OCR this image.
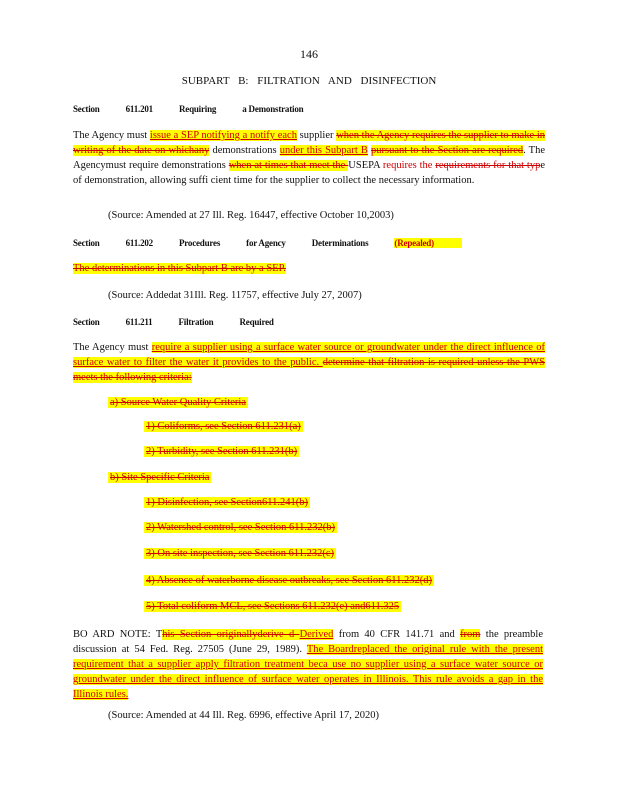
146
SUBPART B: FILTRATION AND DISINFECTION
Section	611.201	Requiring	a Demonstration
The Agency must issue a SEP notifying a notify each supplier when the Agency requires the supplier to make in writing of the date on whichany demonstrations under this Subpart B pursuant to the Section are required. The Agencymust require demonstrations when at times that meet the USEPA requires the requirements for that type of demonstration, allowing suffi cient time for the supplier to collect the necessary information.
(Source: Amended at 27 Ill. Reg. 16447, effective October 10,2003)
Section	611.202	Procedures	for Agency	Determinations	(Repealed)
The determinations in this Subpart B are by a SEP.
(Source: Addedat 31Ill. Reg. 11757, effective July 27, 2007)
Section	611.211	Filtration	Required
The Agency must require a supplier using a surface water source or groundwater under the direct influence of surface water to filter the water it provides to the public. determine that filtration is required unless the PWS meets the following criteria:
a) Source Water Quality Criteria
1) Coliforms, see Section 611.231(a)
2) Turbidity, see Section 611.231(b)
b) Site Specific Criteria
1) Disinfection, see Section611.241(b)
2) Watershed control, see Section 611.232(b)
3) On site inspection, see Section 611.232(c)
4) Absence of waterborne disease outbreaks, see Section 611.232(d)
5) Total coliform MCL, see Sections 611.232(e) and611.325
BO ARD NOTE: This Section originallyderive d Derived from 40 CFR 141.71 and from the preamble discussion at 54 Fed. Reg. 27505 (June 29, 1989). The Boardreplaced the original rule with the present requirement that a supplier apply filtration treatment beca use no supplier using a surface water source or groundwater under the direct influence of surface water operates in Illinois. This rule avoids a gap in the Illinois rules.
(Source: Amended at 44 Ill. Reg. 6996, effective April 17, 2020)
